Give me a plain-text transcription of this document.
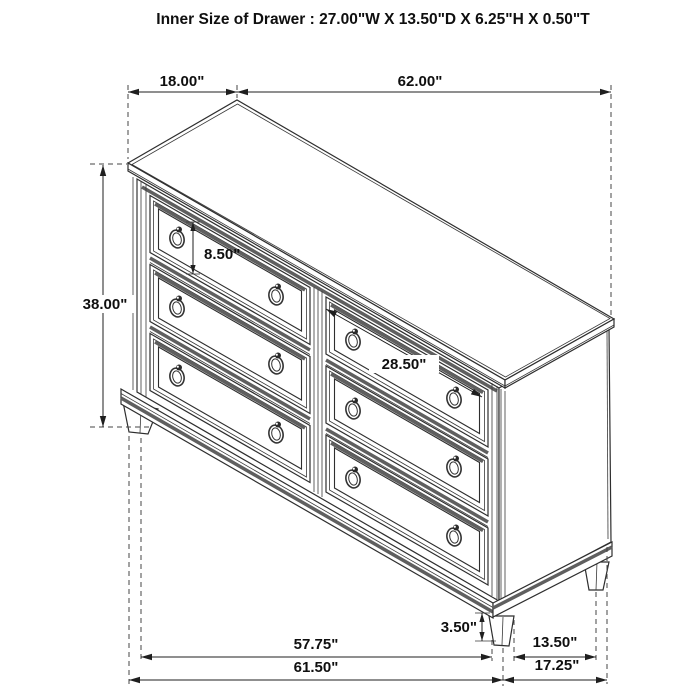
18.00"	62.00"
38.00"
8.50"
28.50"
3.50"
57.75"
61.50"
13.50"
17.25"
Inner Size of Drawer : 27.00"W X 13.50"D X 6.25"H X 0.50"T
